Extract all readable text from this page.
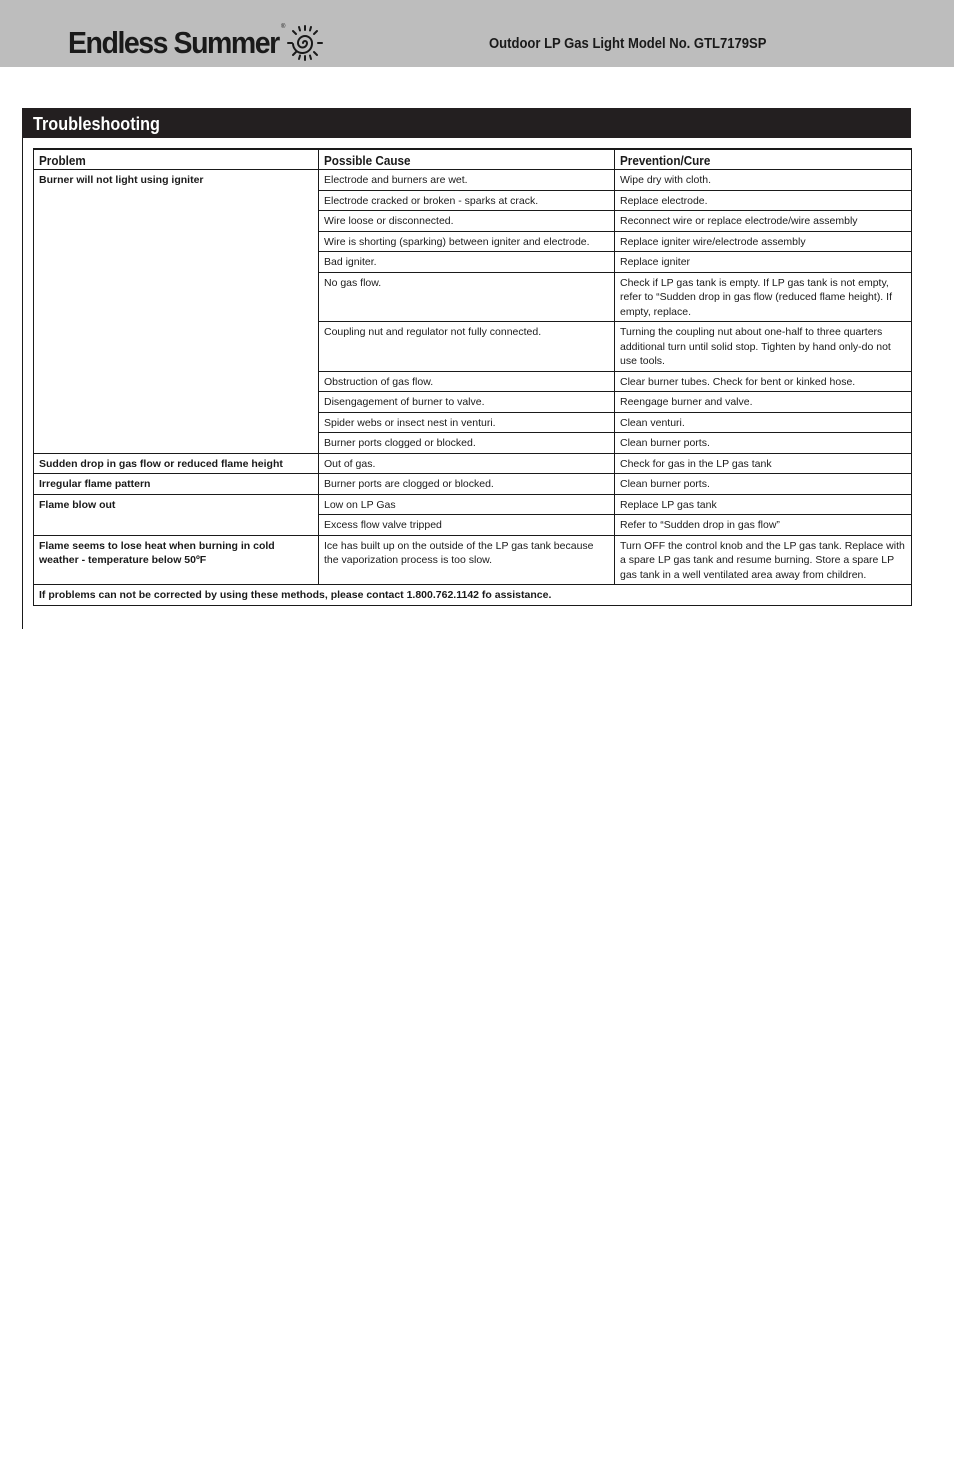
Endless Summer ®
Outdoor LP Gas Light Model No. GTL7179SP
Troubleshooting
Problem	Possible Cause	Prevention/Cure
Burner will not light using igniter	Electrode and burners are wet.	Wipe dry with cloth.
	Electrode cracked or broken - sparks at crack.	Replace electrode.
	Wire loose or disconnected.	Reconnect wire or replace electrode/wire assembly
	Wire is shorting (sparking) between igniter and electrode.	Replace igniter wire/electrode assembly
	Bad igniter.	Replace igniter
	No gas flow.	Check if LP gas tank is empty. If LP gas tank is not empty, refer to “Sudden drop in gas flow (reduced flame height). If empty, replace.
	Coupling nut and regulator not fully connected.	Turning the coupling nut about one-half to three quarters additional turn until solid stop. Tighten by hand only-do not use tools.
	Obstruction of gas flow.	Clear burner tubes. Check for bent or kinked hose.
	Disengagement of burner to valve.	Reengage burner and valve.
	Spider webs or insect nest in venturi.	Clean venturi.
	Burner ports clogged or blocked.	Clean burner ports.
Sudden drop in gas flow or reduced flame height	Out of gas.	Check for gas in the LP gas tank
Irregular flame pattern	Burner ports are clogged or blocked.	Clean burner ports.
Flame blow out	Low on LP Gas	Replace LP gas tank
	Excess flow valve tripped	Refer to “Sudden drop in gas flow”
Flame seems to lose heat when burning in cold weather - temperature below 50ºF	Ice has built up on the outside of the LP gas tank because the vaporization process is too slow.	Turn OFF the control knob and the LP gas tank. Replace with a spare LP gas tank and resume burning. Store a spare LP gas tank in a well ventilated area away from children.
If problems can not be corrected by using these methods, please contact 1.800.762.1142 fo assistance.		
